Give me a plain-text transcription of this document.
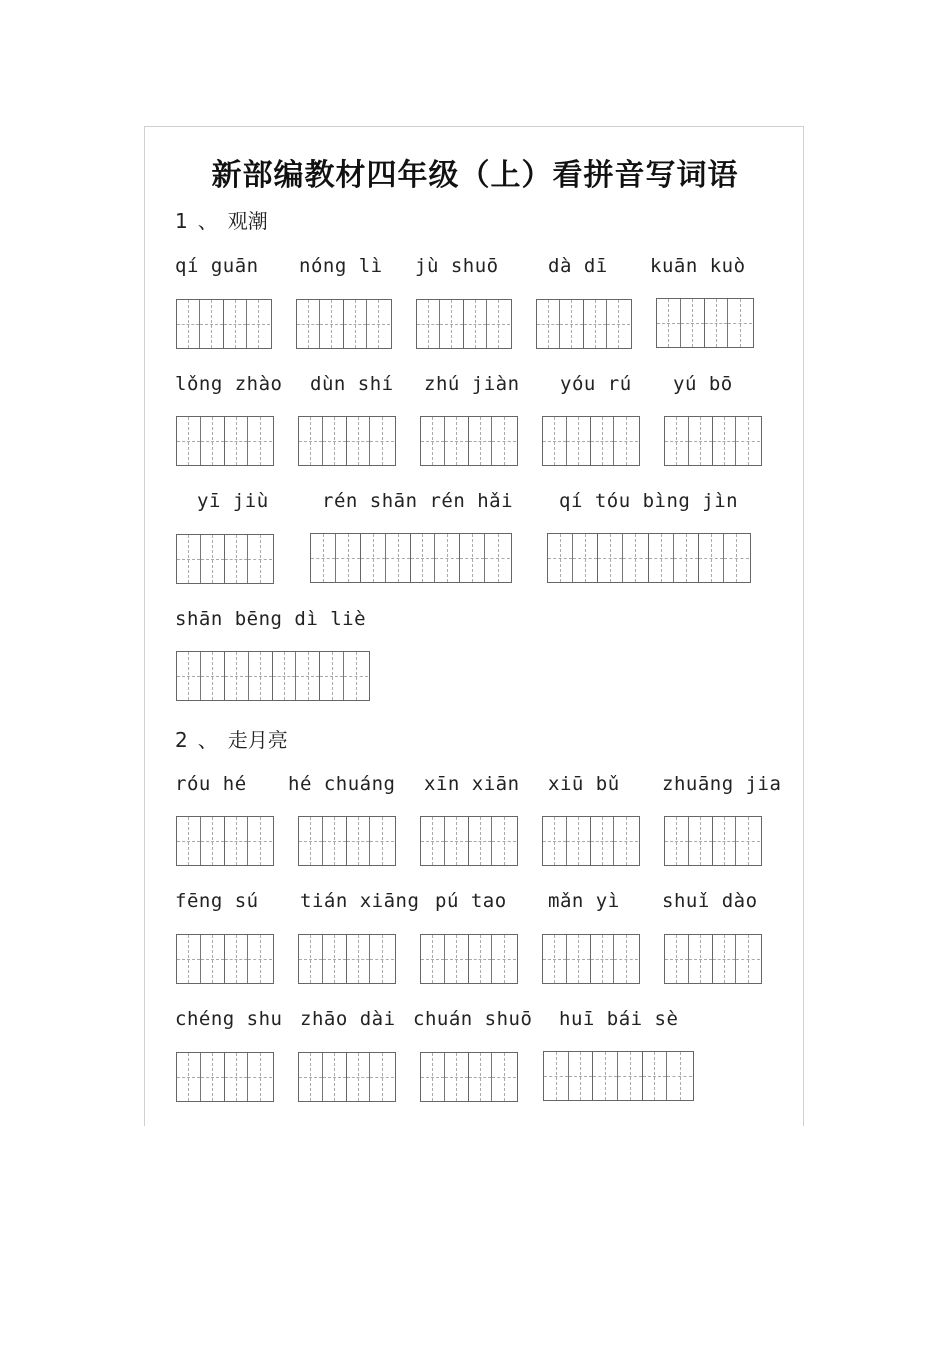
新部编教材四年级（上）看拼音写词语
1 、 观潮
2 、 走月亮
qí guān nóng lì jù shuō	dà dī kuān kuò
lǒng zhào dùn shí zhú jiàn yóu rú yú bō
yī jiù	rén shān rén hǎi qí tóu bìng jìn
shān bēng dì liè
róu hé hé chuáng xīn xiān xiū bǔ zhuāng jia
fēng sú tián xiāng pú tao mǎn yì shuǐ dào
chéng shu zhāo dài chuán shuō huī bái sè
